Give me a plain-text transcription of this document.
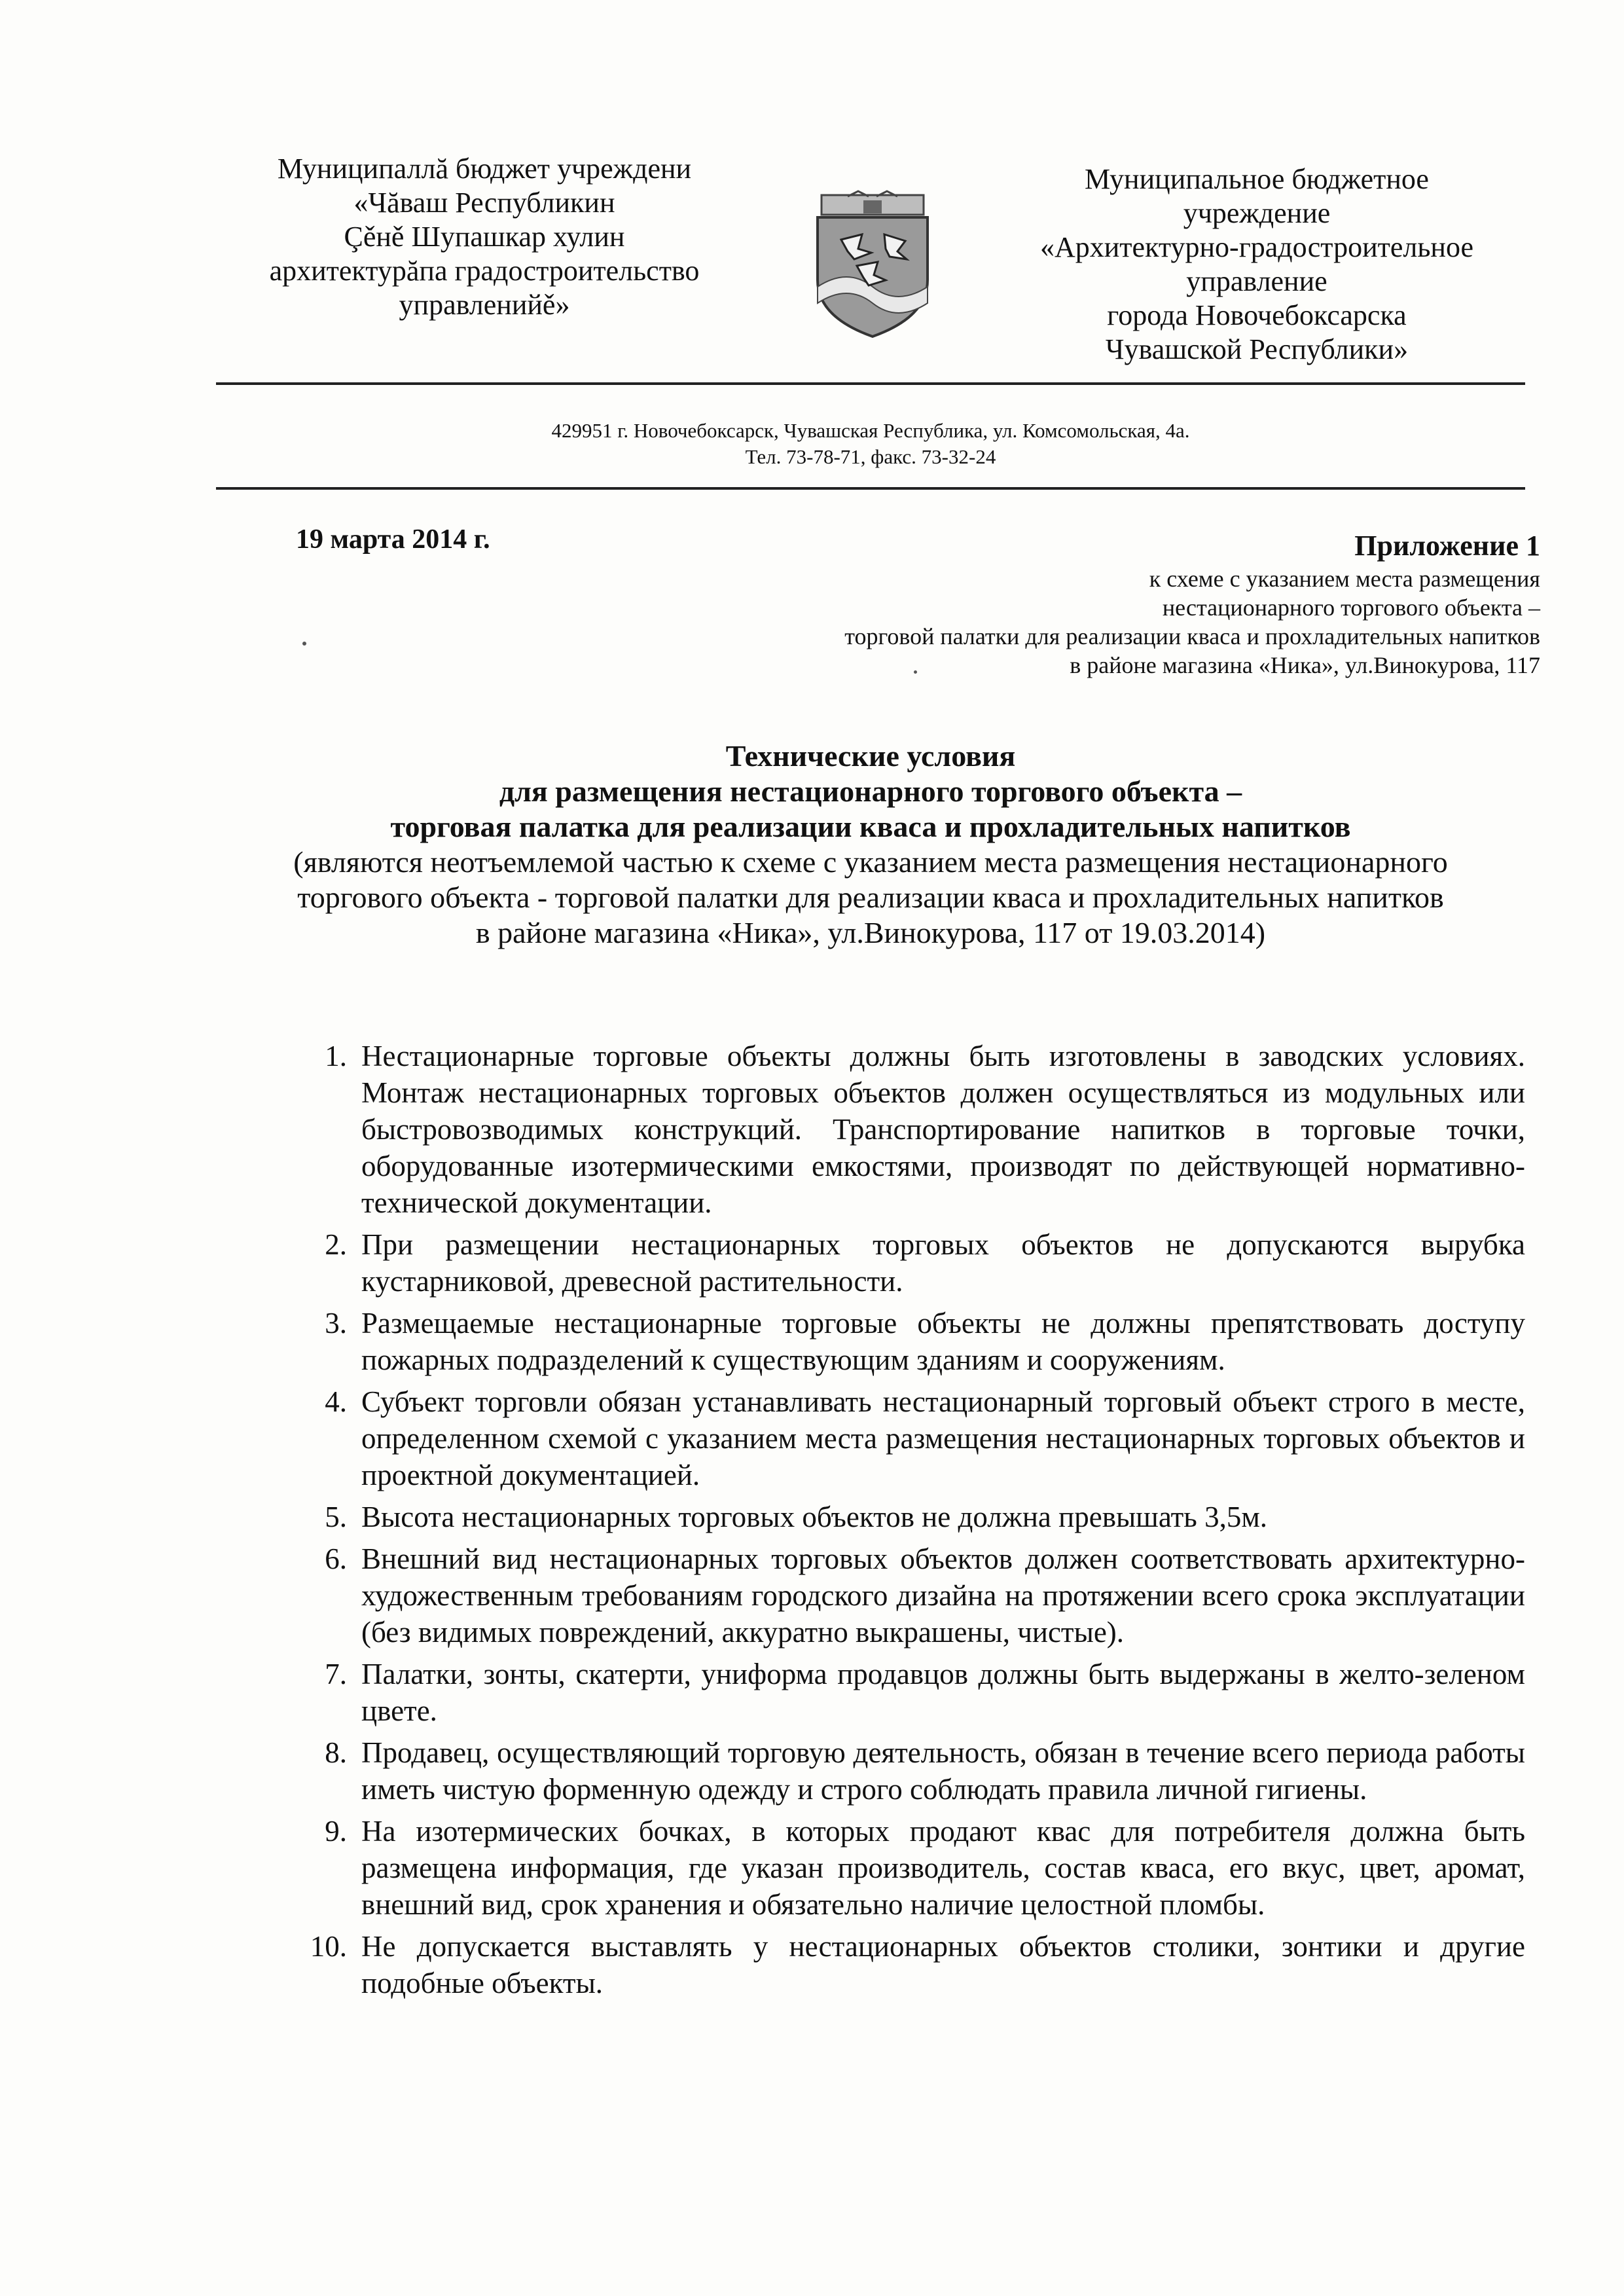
Муниципаллă бюджет учреждени
«Чăваш Республикин
Çěнě Шупашкар хулин
архитектурăпа градостроительство
управленийě»
Муниципальное бюджетное
учреждение
«Архитектурно-градостроительное
управление
города Новочебоксарска
Чувашской Республики»
429951 г. Новочебоксарск, Чувашская Республика, ул. Комсомольская, 4а.
Тел. 73-78-71, факс. 73-32-24
19 марта 2014 г.	Приложение 1
к схеме с указанием места размещения
нестационарного торгового объекта –
торговой палатки для реализации кваса и прохладительных напитков
в районе магазина «Ника», ул.Винокурова, 117
Технические условия
для размещения нестационарного торгового объекта –
торговая палатка для реализации кваса и прохладительных напитков
(являются неотъемлемой частью к схеме с указанием места размещения нестационарного
торгового объекта - торговой палатки для реализации кваса и прохладительных напитков
в районе магазина «Ника», ул.Винокурова, 117 от 19.03.2014)
1. Нестационарные торговые объекты должны быть изготовлены в заводских условиях. Монтаж нестационарных торговых объектов должен осуществляться из модульных или быстровозводимых конструкций. Транспортирование напитков в торговые точки, оборудованные изотермическими емкостями, производят по действующей нормативно-технической документации.
2. При размещении нестационарных торговых объектов не допускаются вырубка кустарниковой, древесной растительности.
3. Размещаемые нестационарные торговые объекты не должны препятствовать доступу пожарных подразделений к существующим зданиям и сооружениям.
4. Субъект торговли обязан устанавливать нестационарный торговый объект строго в месте, определенном схемой с указанием места размещения нестационарных торговых объектов и проектной документацией.
5. Высота нестационарных торговых объектов не должна превышать 3,5м.
6. Внешний вид нестационарных торговых объектов должен соответствовать архитектурно-художественным требованиям городского дизайна на протяжении всего срока эксплуатации (без видимых повреждений, аккуратно выкрашены, чистые).
7. Палатки, зонты, скатерти, униформа продавцов должны быть выдержаны в желто-зеленом цвете.
8. Продавец, осуществляющий торговую деятельность, обязан в течение всего периода работы иметь чистую форменную одежду и строго соблюдать правила личной гигиены.
9. На изотермических бочках, в которых продают квас для потребителя должна быть размещена информация, где указан производитель, состав кваса, его вкус, цвет, аромат, внешний вид, срок хранения и обязательно наличие целостной пломбы.
10. Не допускается выставлять у нестационарных объектов столики, зонтики и другие подобные объекты.
